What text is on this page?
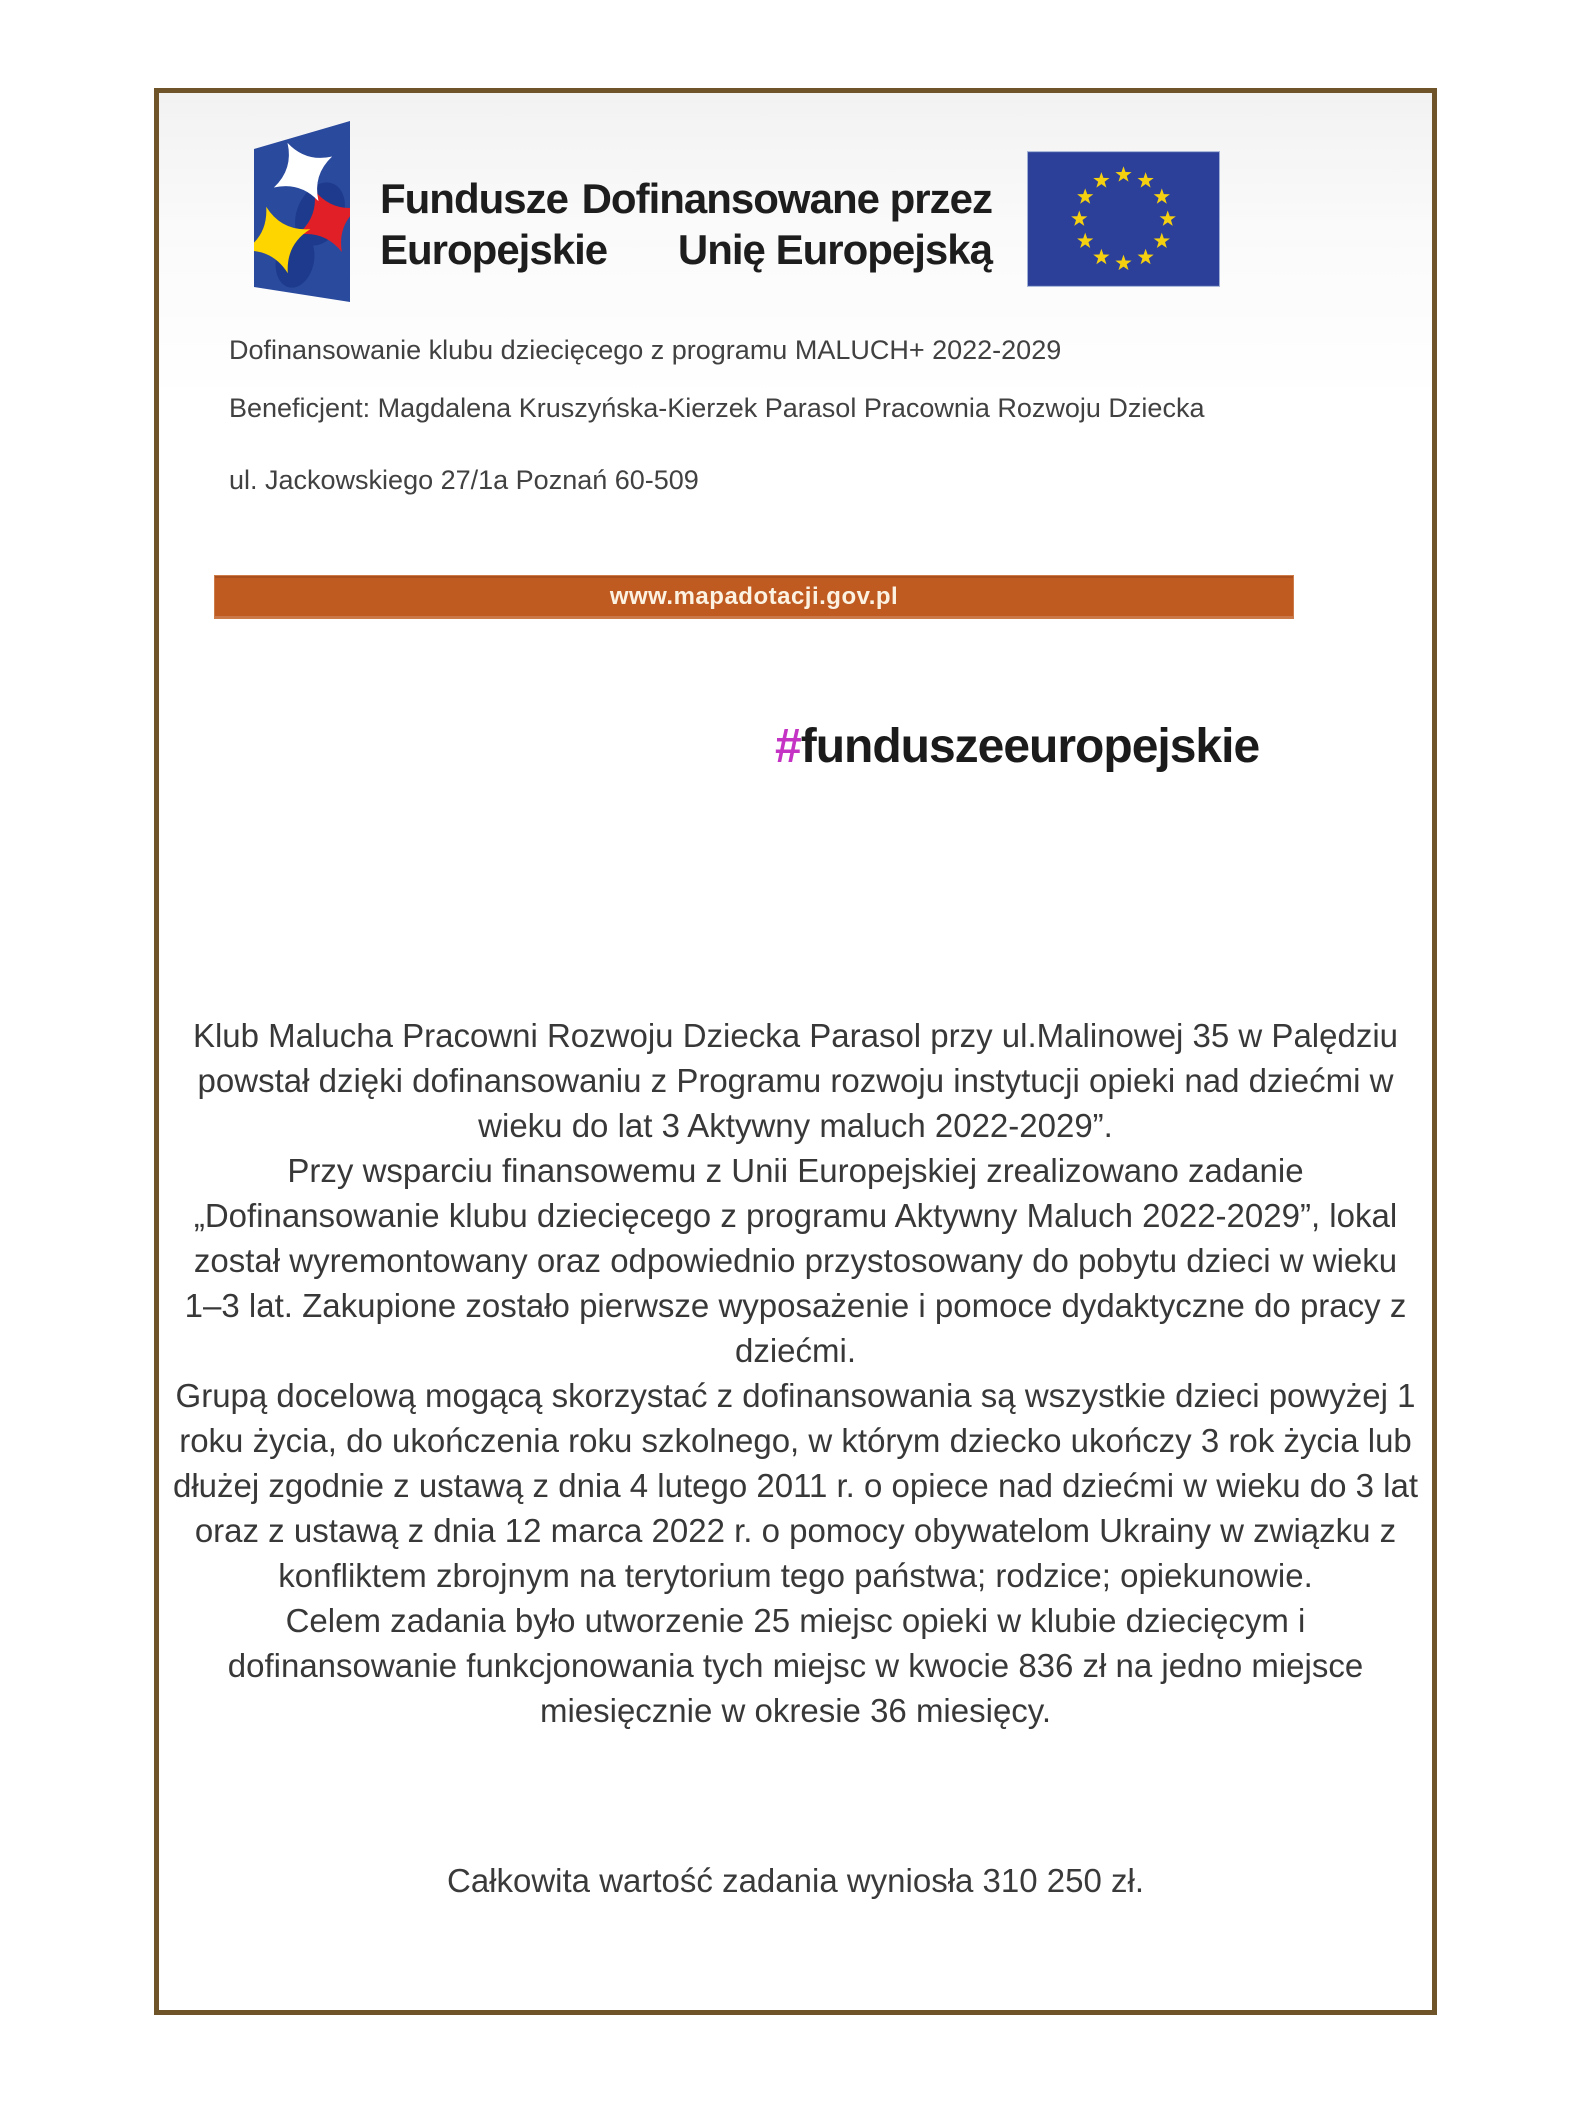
Fundusze
Europejskie
Dofinansowane przez
Unię Europejską

Dofinansowanie klubu dziecięcego z programu MALUCH+ 2022-2029

Beneficjent: Magdalena Kruszyńska-Kierzek Parasol Pracownia Rozwoju Dziecka

ul. Jackowskiego 27/1a Poznań 60-509

www.mapadotacji.gov.pl
#funduszeeuropejskie

Klub Malucha Pracowni Rozwoju Dziecka Parasol przy ul.Malinowej 35 w Palędziu powstał dzięki dofinansowaniu z Programu rozwoju instytucji opieki nad dziećmi w wieku do lat 3 Aktywny maluch 2022-2029”.

Przy wsparciu finansowemu z Unii Europejskiej zrealizowano zadanie „Dofinansowanie klubu dziecięcego z programu Aktywny Maluch 2022-2029”, lokal został wyremontowany oraz odpowiednio przystosowany do pobytu dzieci w wieku 1–3 lat. Zakupione zostało pierwsze wyposażenie i pomoce dydaktyczne do pracy z dziećmi.

Grupą docelową mogącą skorzystać z dofinansowania są wszystkie dzieci powyżej 1 roku życia, do ukończenia roku szkolnego, w którym dziecko ukończy 3 rok życia lub dłużej zgodnie z ustawą z dnia 4 lutego 2011 r. o opiece nad dziećmi w wieku do 3 lat oraz z ustawą z dnia 12 marca 2022 r. o pomocy obywatelom Ukrainy w związku z konfliktem zbrojnym na terytorium tego państwa; rodzice; opiekunowie.

Celem zadania było utworzenie 25 miejsc opieki w klubie dziecięcym i dofinansowanie funkcjonowania tych miejsc w kwocie 836 zł na jedno miejsce miesięcznie w okresie 36 miesięcy.

Całkowita wartość zadania wyniosła 310 250 zł.
